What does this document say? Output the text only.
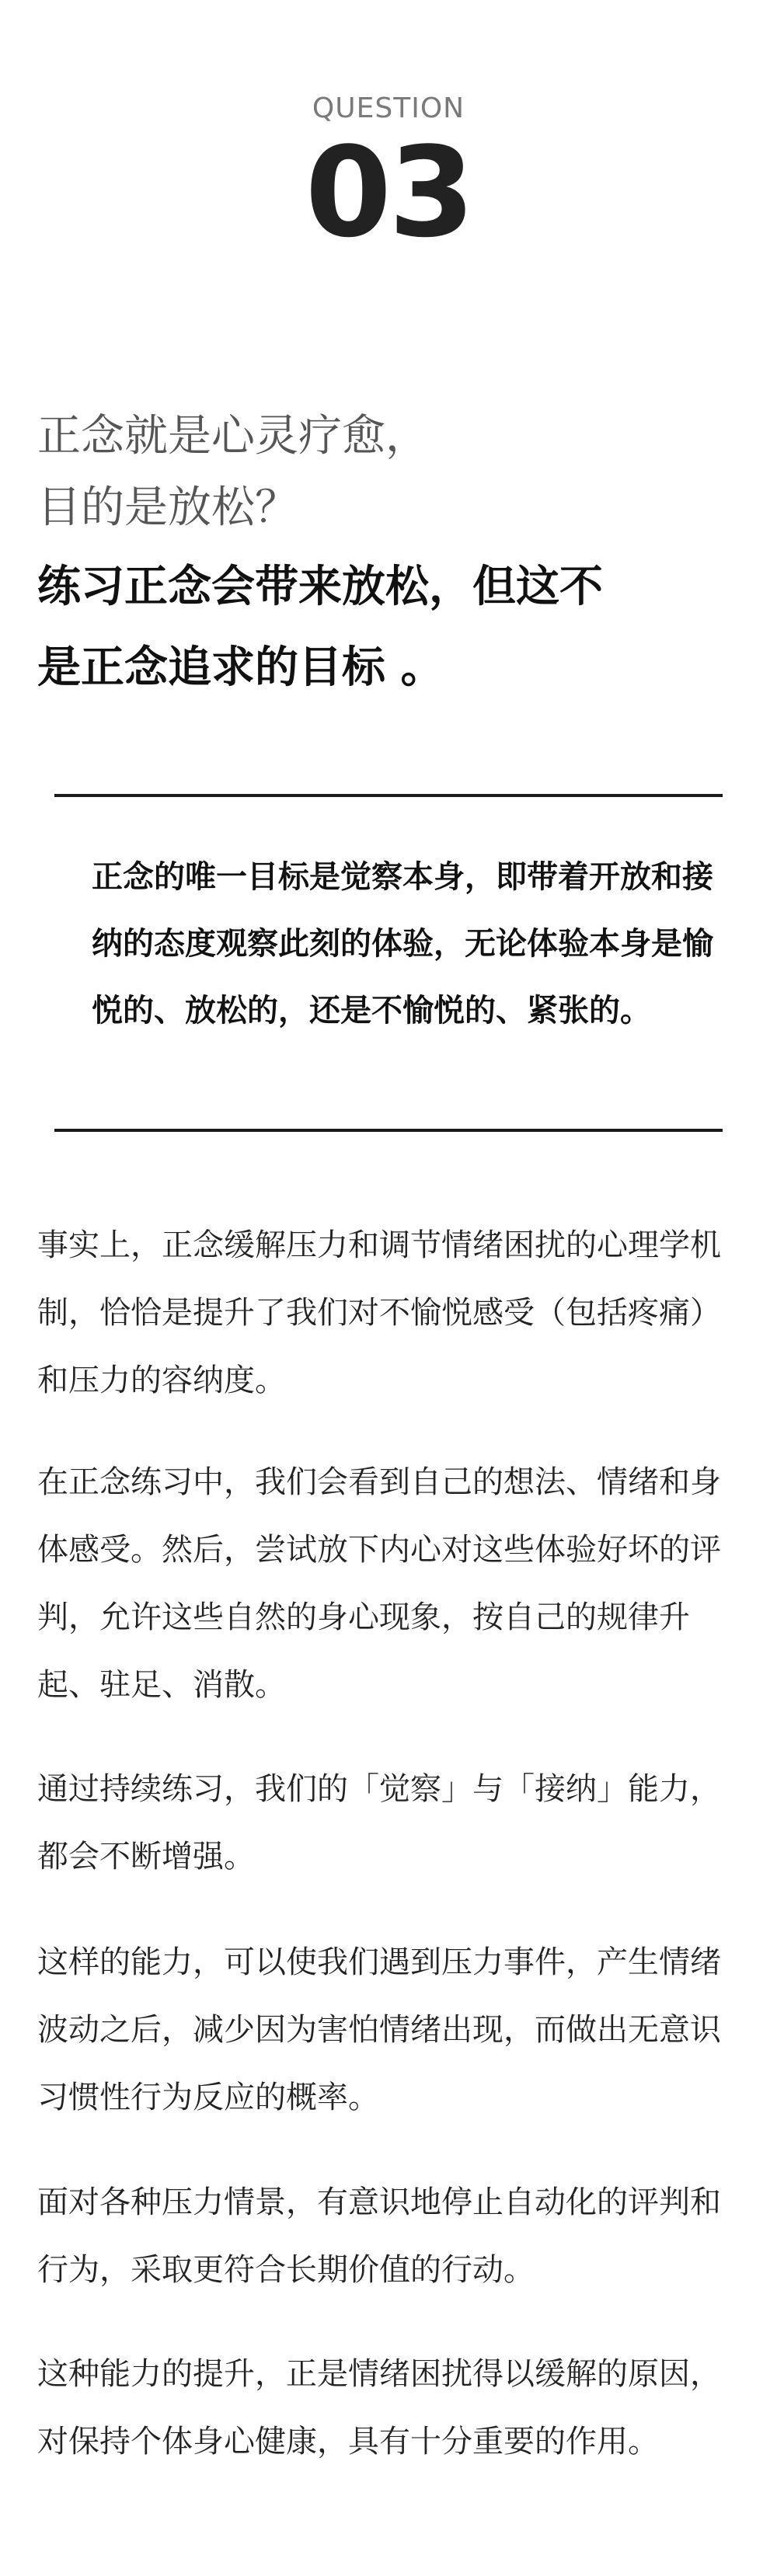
QUESTION
03
正念就是心灵疗愈，
目的是放松？
练习正念会带来放松，但这不
是正念追求的目标 。
正念的唯一目标是觉察本身，即带着开放和接纳的态度观察此刻的体验，无论体验本身是愉悦的、放松的，还是不愉悦的、紧张的。
事实上，正念缓解压力和调节情绪困扰的心理学机制，恰恰是提升了我们对不愉悦感受（包括疼痛）和压力的容纳度。
在正念练习中，我们会看到自己的想法、情绪和身体感受。然后，尝试放下内心对这些体验好坏的评判，允许这些自然的身心现象，按自己的规律升起、驻足、消散。
通过持续练习，我们的「觉察」与「接纳」能力，都会不断增强。
这样的能力，可以使我们遇到压力事件，产生情绪波动之后，减少因为害怕情绪出现，而做出无意识习惯性行为反应的概率。
面对各种压力情景，有意识地停止自动化的评判和行为，采取更符合长期价值的行动。
这种能力的提升，正是情绪困扰得以缓解的原因，对保持个体身心健康，具有十分重要的作用。
